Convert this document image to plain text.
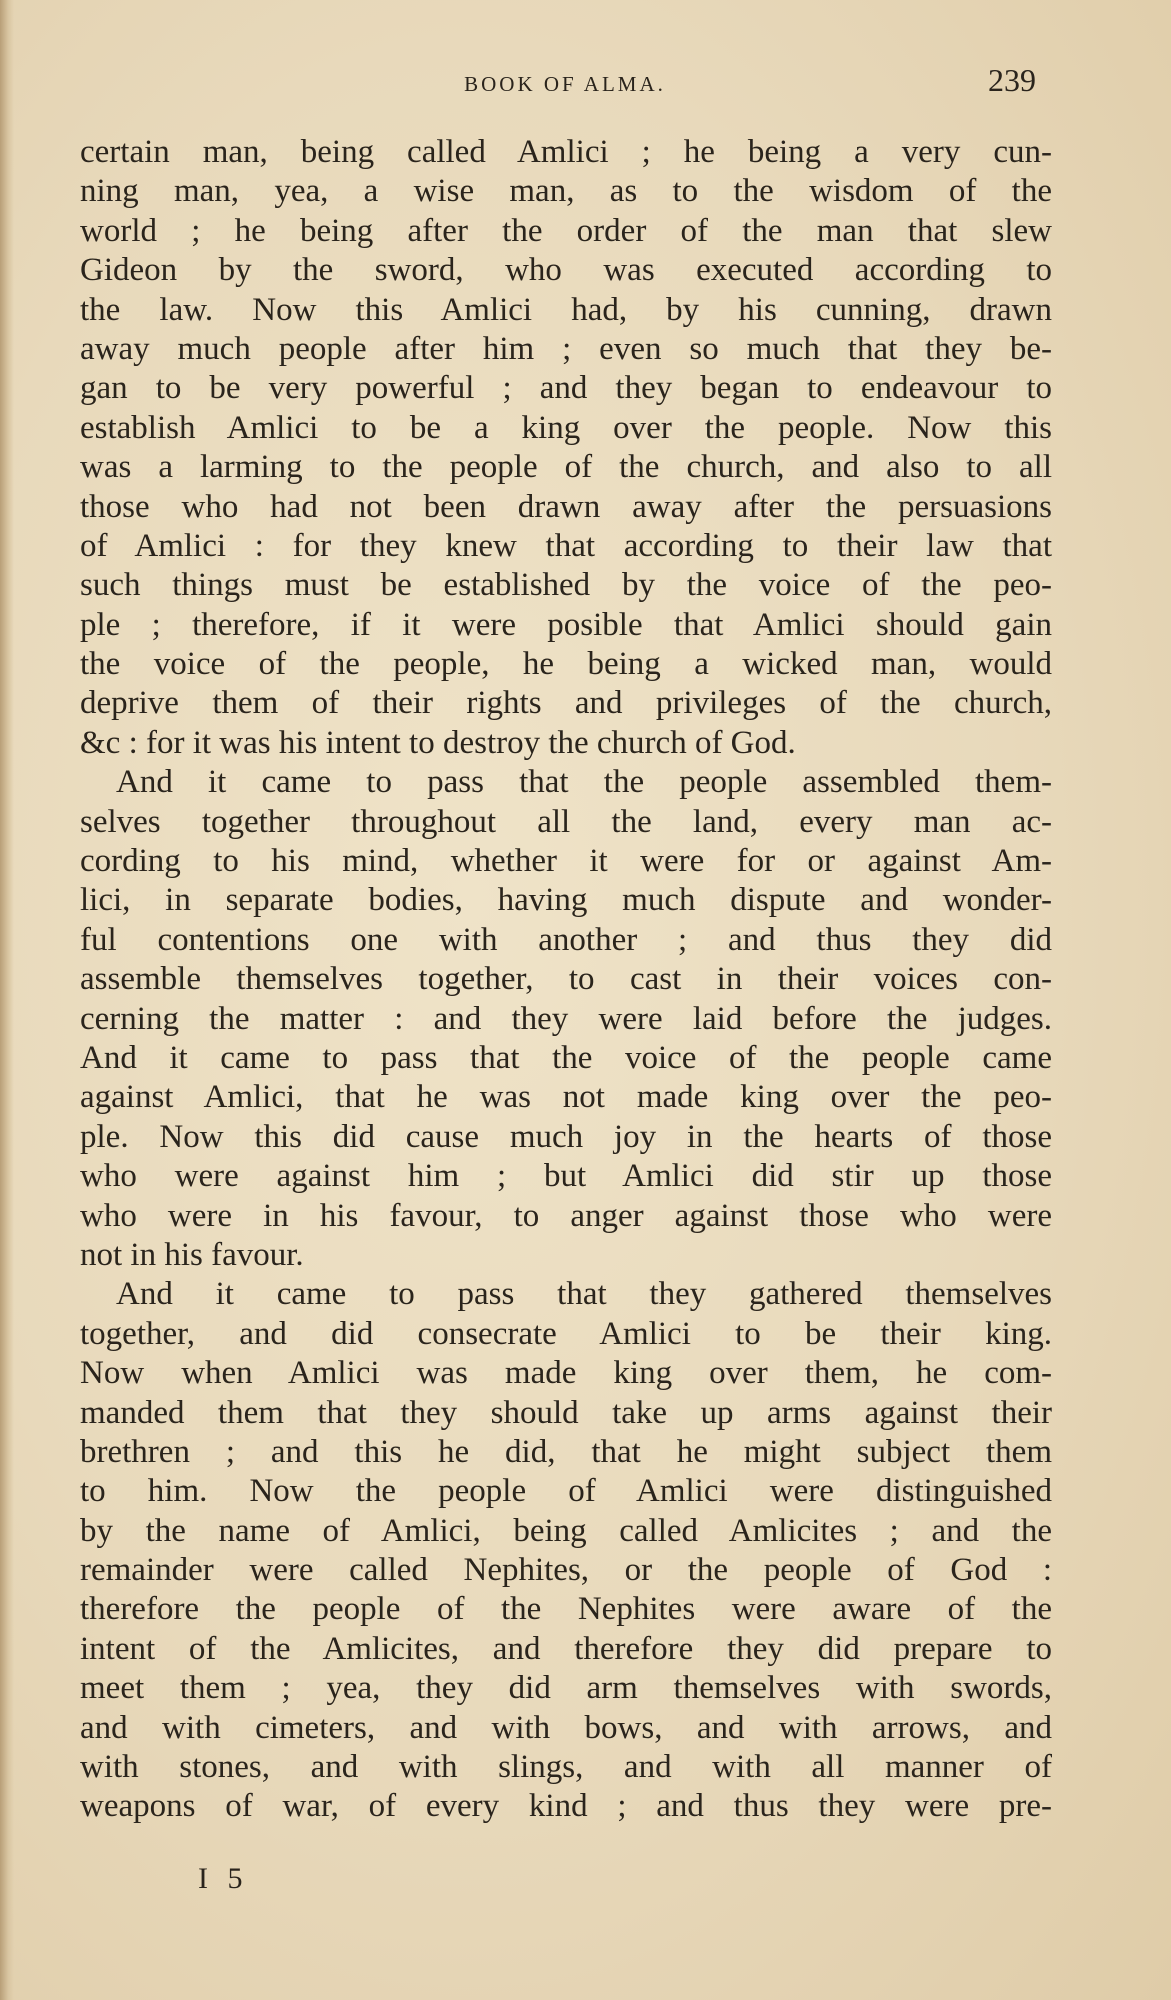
BOOK OF ALMA.	239
certain man, being called Amlici ; he being a very cun-
ning man, yea, a wise man, as to the wisdom of the
world ; he being after the order of the man that slew
Gideon by the sword, who was executed according to
the law. Now this Amlici had, by his cunning, drawn
away much people after him ; even so much that they be-
gan to be very powerful ; and they began to endeavour to
establish Amlici to be a king over the people. Now this
was a larming to the people of the church, and also to all
those who had not been drawn away after the persuasions
of Amlici : for they knew that according to their law that
such things must be established by the voice of the peo-
ple ; therefore, if it were posible that Amlici should gain
the voice of the people, he being a wicked man, would
deprive them of their rights and privileges of the church,
&c : for it was his intent to destroy the church of God.
And it came to pass that the people assembled them-
selves together throughout all the land, every man ac-
cording to his mind, whether it were for or against Am-
lici, in separate bodies, having much dispute and wonder-
ful contentions one with another ; and thus they did
assemble themselves together, to cast in their voices con-
cerning the matter : and they were laid before the judges.
And it came to pass that the voice of the people came
against Amlici, that he was not made king over the peo-
ple. Now this did cause much joy in the hearts of those
who were against him ; but Amlici did stir up those
who were in his favour, to anger against those who were
not in his favour.
And it came to pass that they gathered themselves
together, and did consecrate Amlici to be their king.
Now when Amlici was made king over them, he com-
manded them that they should take up arms against their
brethren ; and this he did, that he might subject them
to him. Now the people of Amlici were distinguished
by the name of Amlici, being called Amlicites ; and the
remainder were called Nephites, or the people of God :
therefore the people of the Nephites were aware of the
intent of the Amlicites, and therefore they did prepare to
meet them ; yea, they did arm themselves with swords,
and with cimeters, and with bows, and with arrows, and
with stones, and with slings, and with all manner of
weapons of war, of every kind ; and thus they were pre-
I 5
